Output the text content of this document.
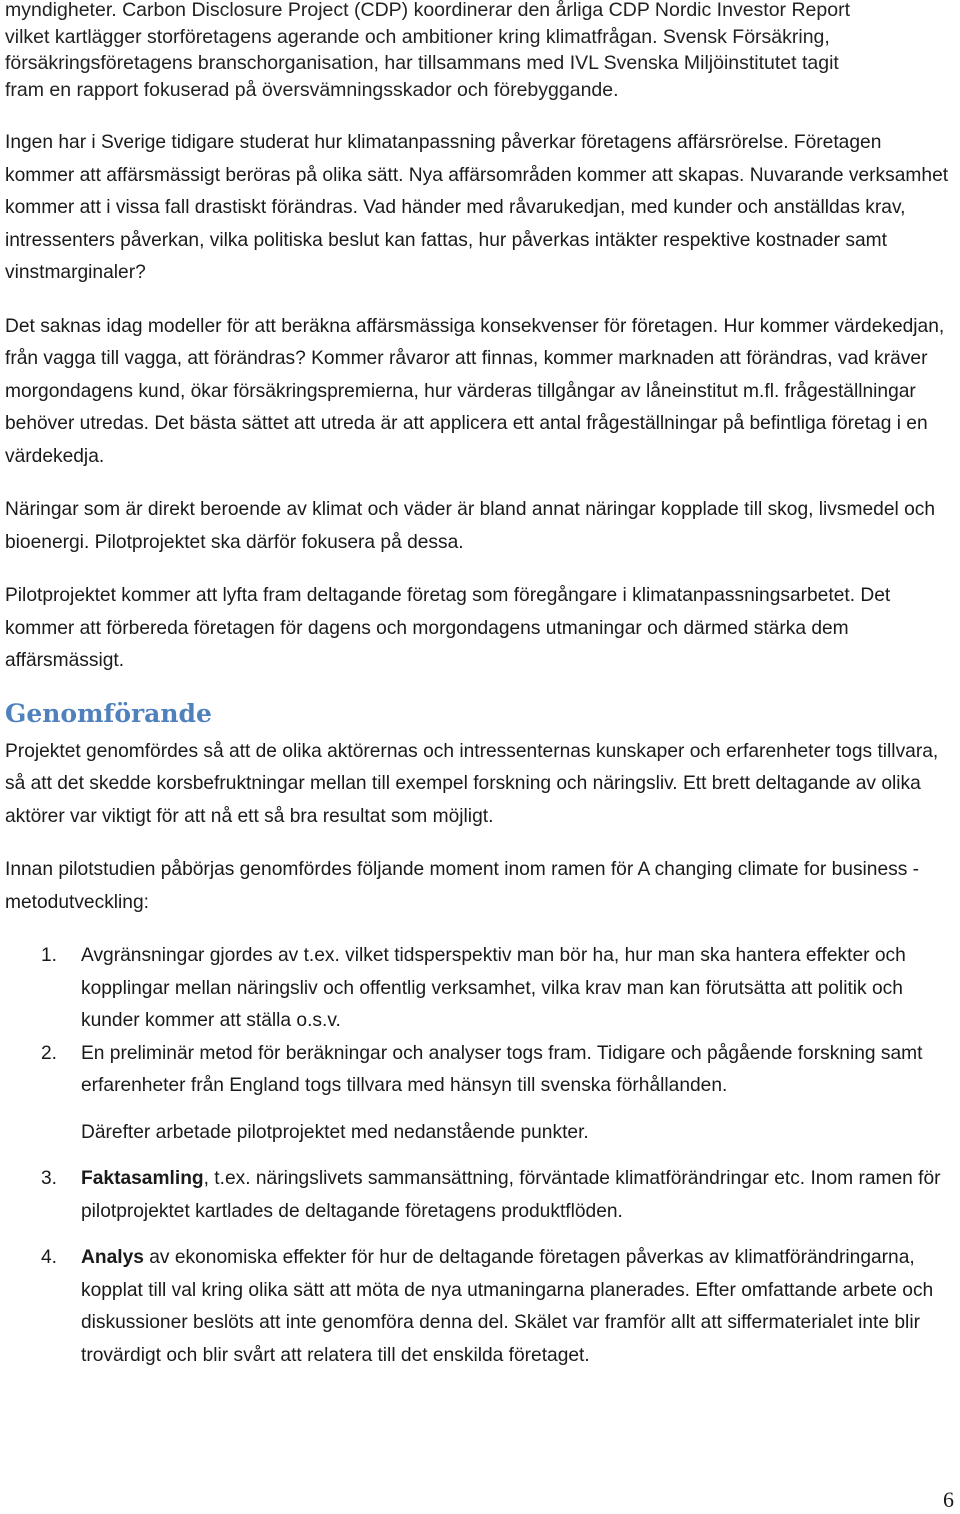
myndigheter. Carbon Disclosure Project (CDP) koordinerar den årliga CDP Nordic Investor Report

vilket kartlägger storföretagens agerande och ambitioner kring klimatfrågan. Svensk Försäkring,

försäkringsföretagens branschorganisation, har tillsammans med IVL Svenska Miljöinstitutet tagit

fram en rapport fokuserad på översvämningsskador och förebyggande.

Ingen har i Sverige tidigare studerat hur klimatanpassning påverkar företagens affärsrörelse. Företagen kommer att affärsmässigt beröras på olika sätt. Nya affärsområden kommer att skapas. Nuvarande verksamhet kommer att i vissa fall drastiskt förändras. Vad händer med råvarukedjan, med kunder och anställdas krav, intressenters påverkan, vilka politiska beslut kan fattas, hur påverkas intäkter respektive kostnader samt vinstmarginaler?

Det saknas idag modeller för att beräkna affärsmässiga konsekvenser för företagen. Hur kommer värdekedjan, från vagga till vagga, att förändras? Kommer råvaror att finnas, kommer marknaden att förändras, vad kräver morgondagens kund, ökar försäkringspremierna, hur värderas tillgångar av låneinstitut m.fl. frågeställningar behöver utredas. Det bästa sättet att utreda är att applicera ett antal frågeställningar på befintliga företag i en värdekedja.

Näringar som är direkt beroende av klimat och väder är bland annat näringar kopplade till skog, livsmedel och bioenergi. Pilotprojektet ska därför fokusera på dessa.

Pilotprojektet kommer att lyfta fram deltagande företag som föregångare i klimatanpassningsarbetet. Det kommer att förbereda företagen för dagens och morgondagens utmaningar och därmed stärka dem affärsmässigt.

Genomförande

Projektet genomfördes så att de olika aktörernas och intressenternas kunskaper och erfarenheter togs tillvara, så att det skedde korsbefruktningar mellan till exempel forskning och näringsliv. Ett brett deltagande av olika aktörer var viktigt för att nå ett så bra resultat som möjligt.

Innan pilotstudien påbörjas genomfördes följande moment inom ramen för A changing climate for business - metodutveckling:

1. Avgränsningar gjordes av t.ex. vilket tidsperspektiv man bör ha, hur man ska hantera effekter och kopplingar mellan näringsliv och offentlig verksamhet, vilka krav man kan förutsätta att politik och kunder kommer att ställa o.s.v.
2. En preliminär metod för beräkningar och analyser togs fram. Tidigare och pågående forskning samt erfarenheter från England togs tillvara med hänsyn till svenska förhållanden.

Därefter arbetade pilotprojektet med nedanstående punkter.

3. Faktasamling, t.ex. näringslivets sammansättning, förväntade klimatförändringar etc. Inom ramen för pilotprojektet kartlades de deltagande företagens produktflöden.
4. Analys av ekonomiska effekter för hur de deltagande företagen påverkas av klimatförändringarna, kopplat till val kring olika sätt att möta de nya utmaningarna planerades. Efter omfattande arbete och diskussioner beslöts att inte genomföra denna del. Skälet var framför allt att siffermaterialet inte blir trovärdigt och blir svårt att relatera till det enskilda företaget.
6
